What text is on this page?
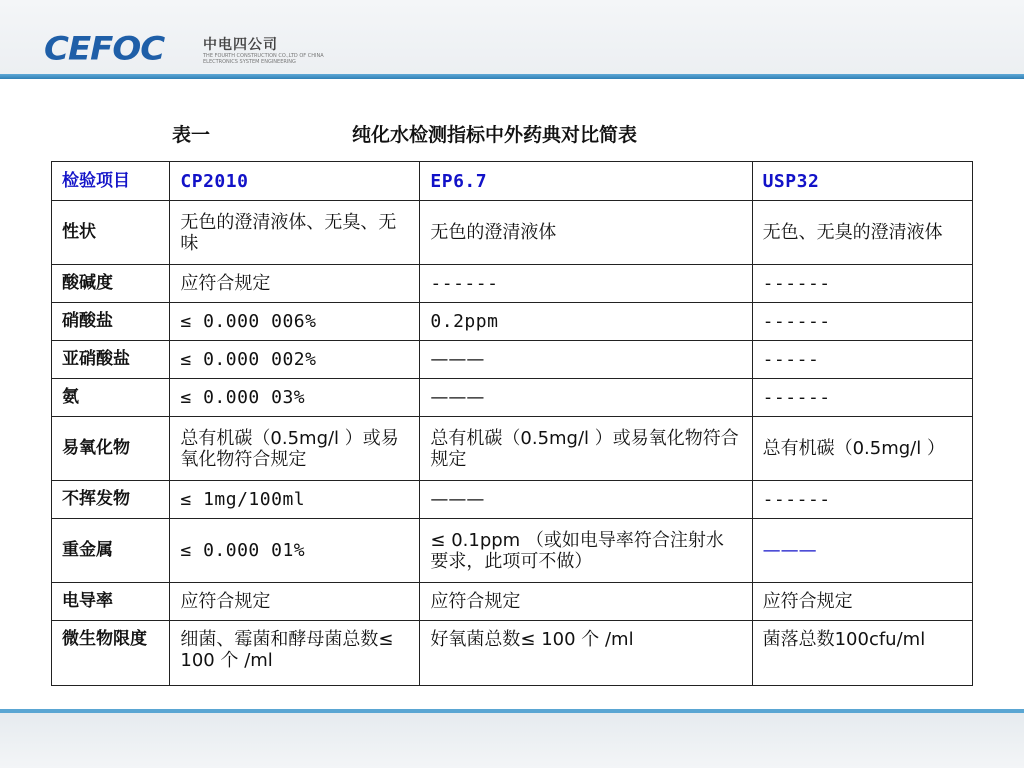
CEFOC	中电四公司
THE FOURTH CONSTRUCTION CO.,LTD OF CHINA ELECTRONICS SYSTEM ENGINEERING
表一	纯化水检测指标中外药典对比简表
检验项目	CP2010	EP6.7	USP32
性状	无色的澄清液体、无臭、无味	无色的澄清液体	无色、无臭的澄清液体
酸碱度	应符合规定	------	------
硝酸盐	≤ 0.000 006%	0.2ppm	------
亚硝酸盐	≤ 0.000 002%	———	-----
氨	≤ 0.000 03%	———	------
易氧化物	总有机碳（0.5mg/l ）或易氧化物符合规定	总有机碳（0.5mg/l ）或易氧化物符合规定	总有机碳（0.5mg/l ）
不挥发物	≤ 1mg/100ml	———	------
重金属	≤ 0.000 01%	≤ 0.1ppm （或如电导率符合注射水要求，此项可不做）	———
电导率	应符合规定	应符合规定	应符合规定
微生物限度	细菌、霉菌和酵母菌总数≤ 100 个 /ml	好氧菌总数≤ 100 个 /ml	菌落总数100cfu/ml
